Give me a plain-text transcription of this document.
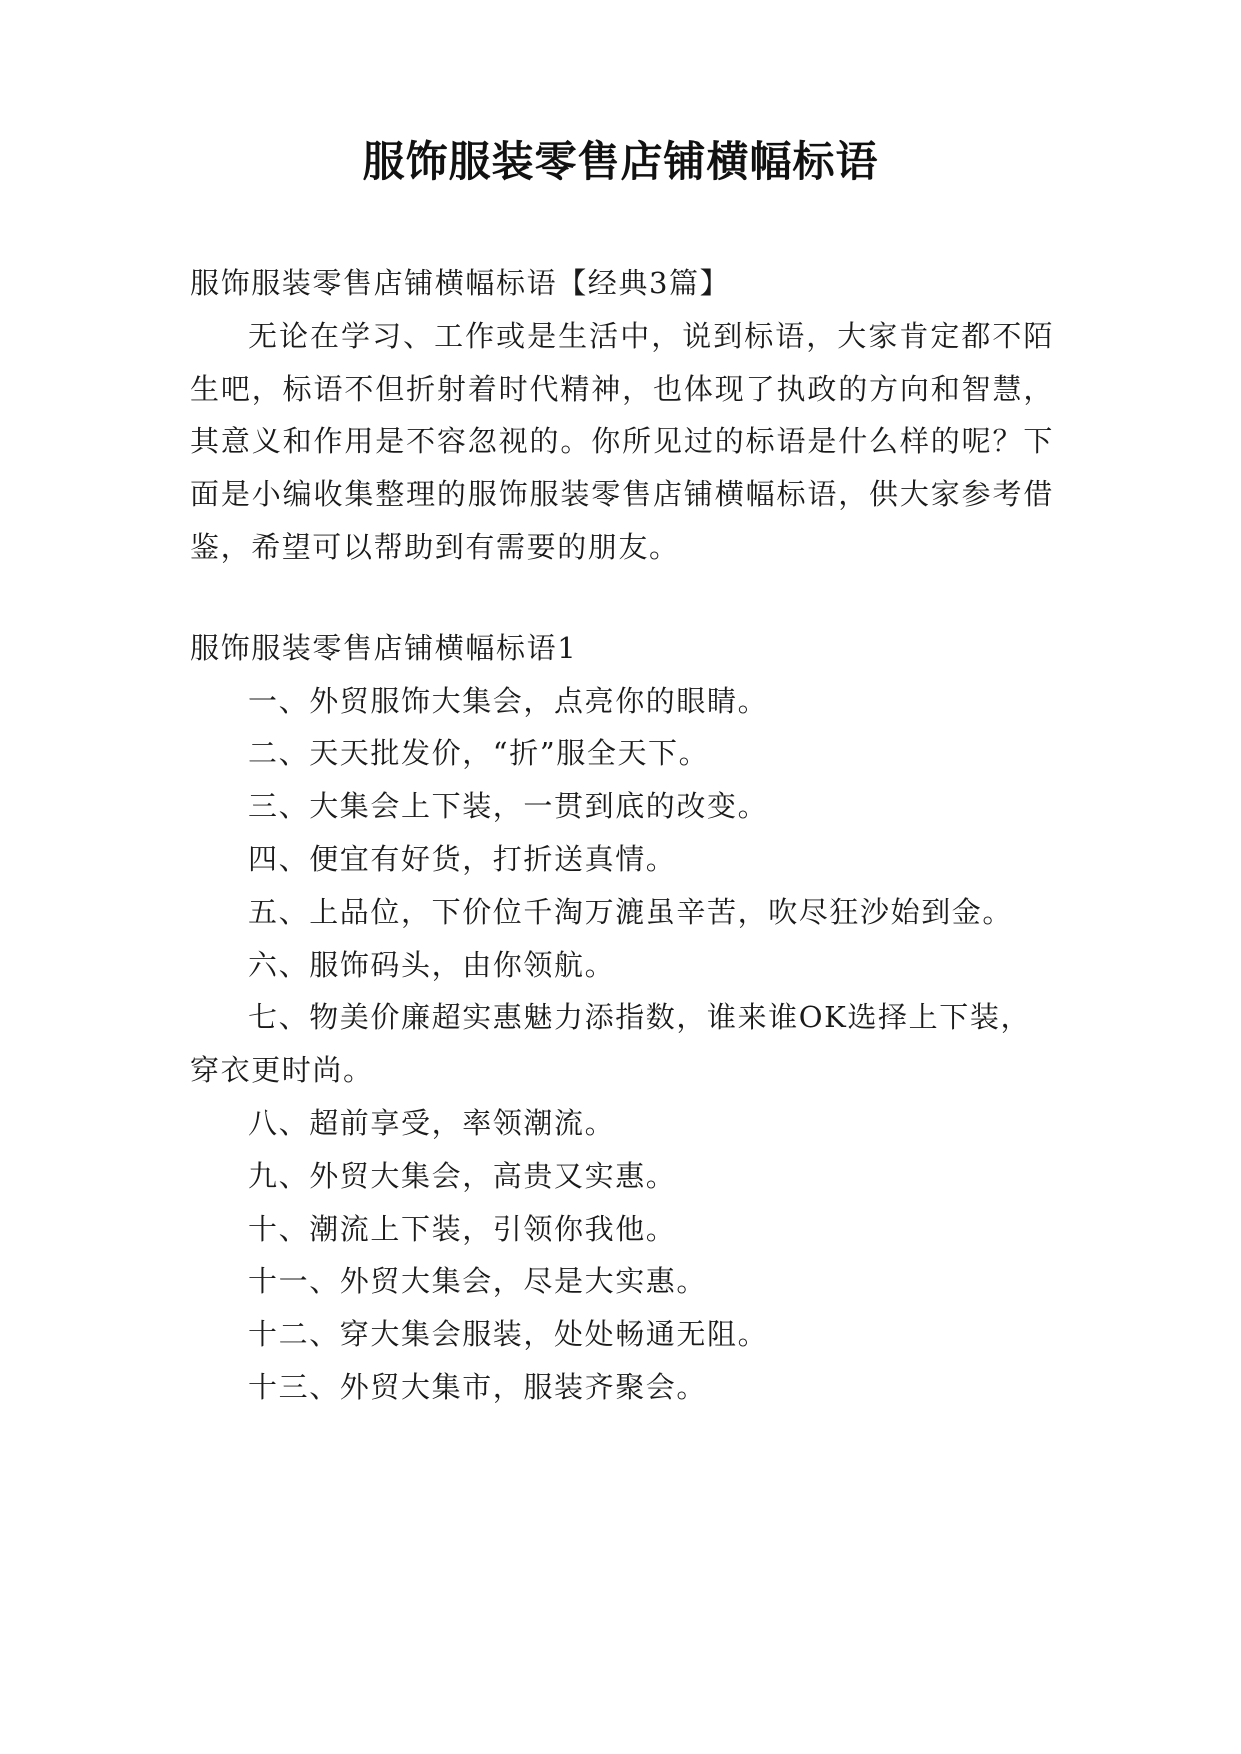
服饰服装零售店铺横幅标语

服饰服装零售店铺横幅标语【经典3篇】

无论在学习、工作或是生活中，说到标语，大家肯定都不陌生吧，标语不但折射着时代精神，也体现了执政的方向和智慧，其意义和作用是不容忽视的。你所见过的标语是什么样的呢？下面是小编收集整理的服饰服装零售店铺横幅标语，供大家参考借鉴，希望可以帮助到有需要的朋友。

服饰服装零售店铺横幅标语1

一、外贸服饰大集会，点亮你的眼睛。

二、天天批发价，“折”服全天下。

三、大集会上下装，一贯到底的改变。

四、便宜有好货，打折送真情。

五、上品位，下价位千淘万漉虽辛苦，吹尽狂沙始到金。

六、服饰码头，由你领航。

七、物美价廉超实惠魅力添指数，谁来谁OK选择上下装，穿衣更时尚。

八、超前享受，率领潮流。

九、外贸大集会，高贵又实惠。

十、潮流上下装，引领你我他。

十一、外贸大集会，尽是大实惠。

十二、穿大集会服装，处处畅通无阻。

十三、外贸大集市，服装齐聚会。
